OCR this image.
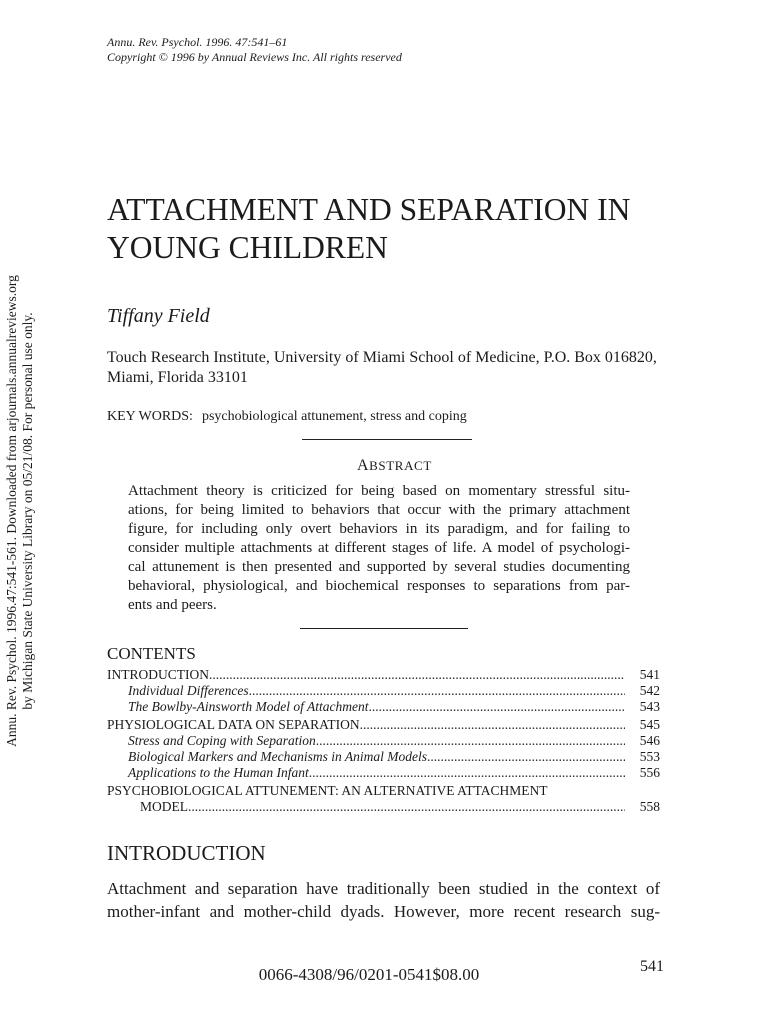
Annu. Rev. Psychol. 1996. 47:541–61
Copyright © 1996 by Annual Reviews Inc. All rights reserved
Annu. Rev. Psychol. 1996.47:541-561. Downloaded from arjournals.annualreviews.org by Michigan State University Library on 05/21/08. For personal use only.
ATTACHMENT AND SEPARATION IN
YOUNG CHILDREN
Tiffany Field
Touch Research Institute, University of Miami School of Medicine, P.O. Box 016820,
Miami, Florida 33101
KEY WORDS: psychobiological attunement, stress and coping
ABSTRACT
Attachment theory is criticized for being based on momentary stressful situ-
ations, for being limited to behaviors that occur with the primary attachment
figure, for including only overt behaviors in its paradigm, and for failing to
consider multiple attachments at different stages of life. A model of psychologi-
cal attunement is then presented and supported by several studies documenting
behavioral, physiological, and biochemical responses to separations from par-
ents and peers.
CONTENTS
INTRODUCTION .....	541
Individual Differences .....	542
The Bowlby-Ainsworth Model of Attachment .....	543
PHYSIOLOGICAL DATA ON SEPARATION .....	545
Stress and Coping with Separation .....	546
Biological Markers and Mechanisms in Animal Models .....	553
Applications to the Human Infant .....	556
PSYCHOBIOLOGICAL ATTUNEMENT: AN ALTERNATIVE ATTACHMENT
MODEL .....	558
INTRODUCTION
Attachment and separation have traditionally been studied in the context of
mother-infant and mother-child dyads. However, more recent research sug-
0066-4308/96/0201-0541$08.00	541
